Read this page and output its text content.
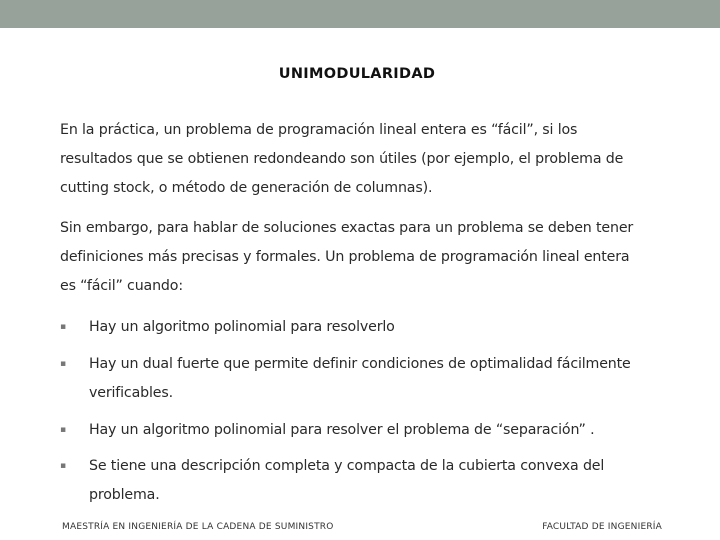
UNIMODULARIDAD
En la práctica, un problema de programación lineal entera es “fácil”, si los
resultados que se obtienen redondeando son útiles (por ejemplo, el problema de
cutting stock, o método de generación de columnas).
Sin embargo, para hablar de soluciones exactas para un problema se deben tener
definiciones más precisas y formales. Un problema de programación lineal entera
es “fácil” cuando:
▪ Hay un algoritmo polinomial para resolverlo
▪ Hay un dual fuerte que permite definir condiciones de optimalidad fácilmente
verificables.
▪ Hay un algoritmo polinomial para resolver el problema de “separación” .
▪ Se tiene una descripción completa y compacta de la cubierta convexa del
problema.
MAESTRÍA EN INGENIERÍA DE LA CADENA DE SUMINISTRO	FACULTAD DE INGENIERÍA
